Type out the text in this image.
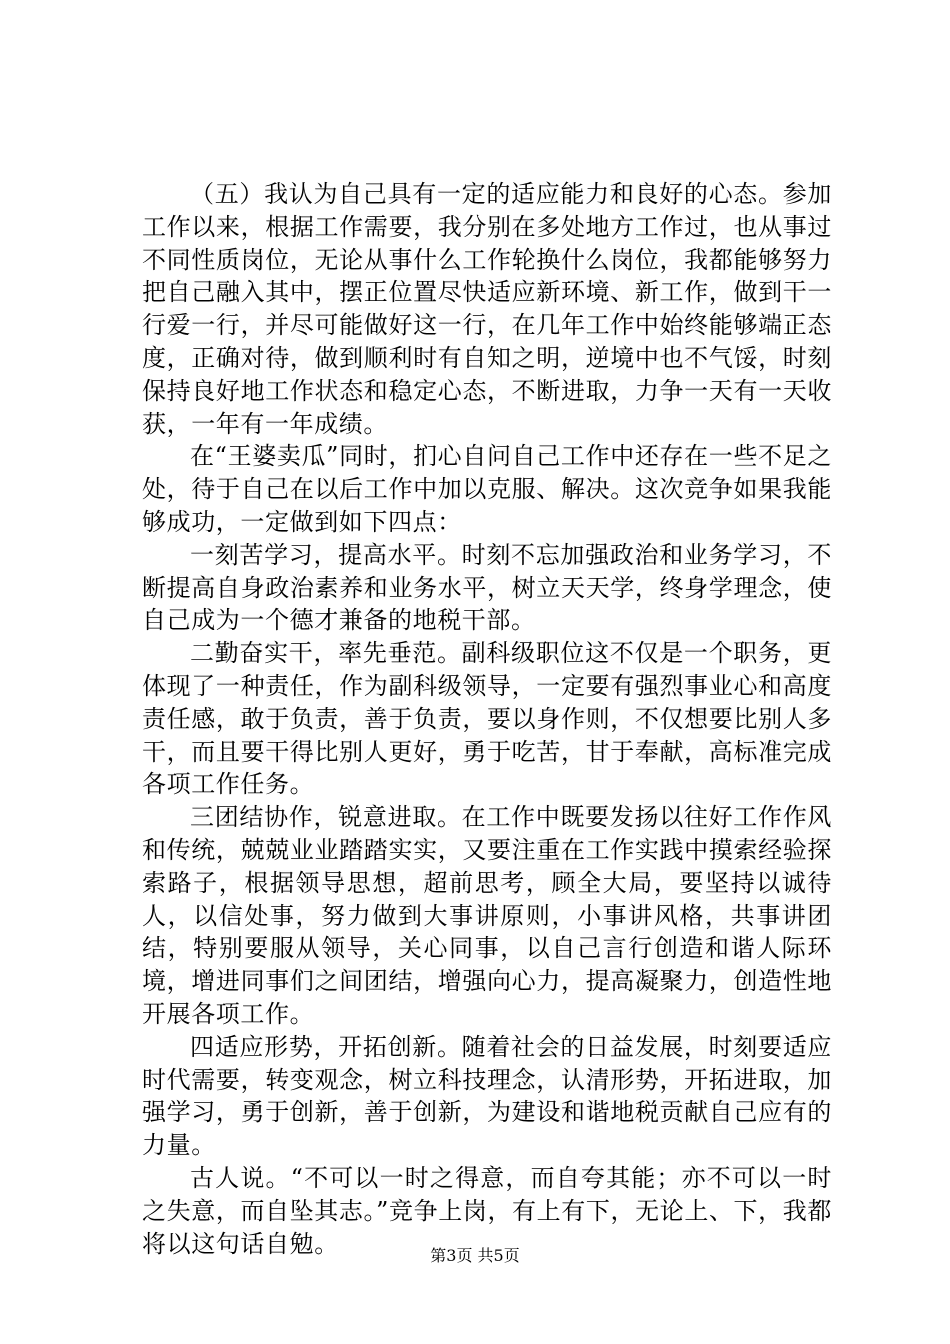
（五）我认为自己具有一定的适应能力和良好的心态。参加工作以来，根据工作需要，我分别在多处地方工作过，也从事过不同性质岗位，无论从事什么工作轮换什么岗位，我都能够努力把自己融入其中，摆正位置尽快适应新环境、新工作，做到干一行爱一行，并尽可能做好这一行，在几年工作中始终能够端正态度，正确对待，做到顺利时有自知之明，逆境中也不气馁，时刻保持良好地工作状态和稳定心态，不断进取，力争一天有一天收获，一年有一年成绩。

在“王婆卖瓜”同时，扪心自问自己工作中还存在一些不足之处，待于自己在以后工作中加以克服、解决。这次竞争如果我能够成功，一定做到如下四点：

一刻苦学习，提高水平。时刻不忘加强政治和业务学习，不断提高自身政治素养和业务水平，树立天天学，终身学理念，使自己成为一个德才兼备的地税干部。

二勤奋实干，率先垂范。副科级职位这不仅是一个职务，更体现了一种责任，作为副科级领导，一定要有强烈事业心和高度责任感，敢于负责，善于负责，要以身作则，不仅想要比别人多干，而且要干得比别人更好，勇于吃苦，甘于奉献，高标准完成各项工作任务。

三团结协作，锐意进取。在工作中既要发扬以往好工作作风和传统，兢兢业业踏踏实实，又要注重在工作实践中摸索经验探索路子，根据领导思想，超前思考，顾全大局，要坚持以诚待人，以信处事，努力做到大事讲原则，小事讲风格，共事讲团结，特别要服从领导，关心同事，以自己言行创造和谐人际环境，增进同事们之间团结，增强向心力，提高凝聚力，创造性地开展各项工作。

四适应形势，开拓创新。随着社会的日益发展，时刻要适应时代需要，转变观念，树立科技理念，认清形势，开拓进取，加强学习，勇于创新，善于创新，为建设和谐地税贡献自己应有的力量。

古人说。“不可以一时之得意，而自夸其能；亦不可以一时之失意，而自坠其志。”竞争上岗，有上有下，无论上、下，我都将以这句话自勉。	第3页 共5页
